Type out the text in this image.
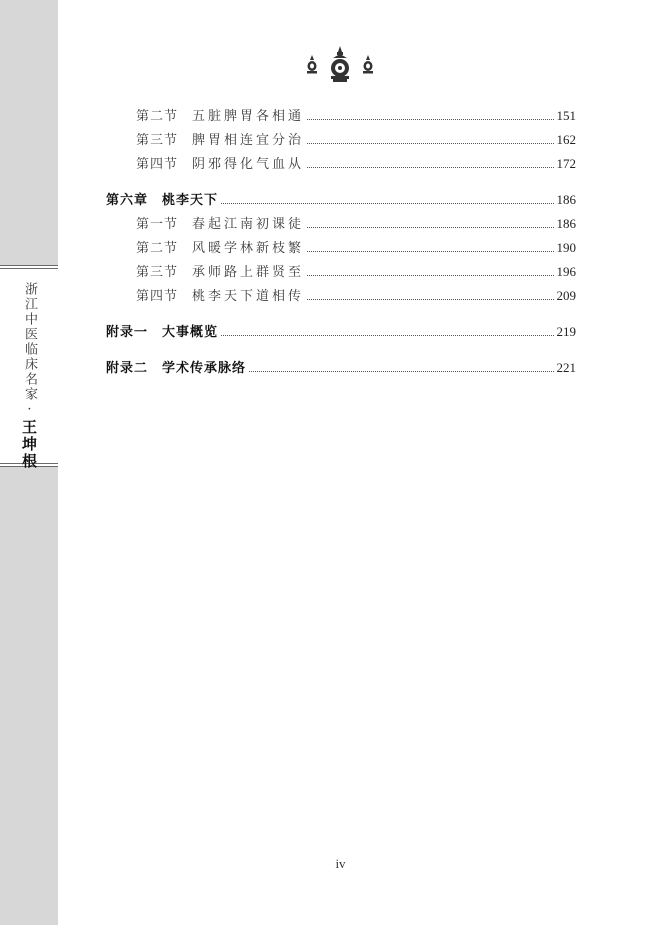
浙江中医临床名家·王坤根
第二节	五脏脾胃各相通	151
第三节	脾胃相连宜分治	162
第四节	阴邪得化气血从	172
第六章	桃李天下	186
第一节	春起江南初课徒	186
第二节	风暖学林新枝繁	190
第三节	承师路上群贤至	196
第四节	桃李天下道相传	209
附录一	大事概览	219
附录二	学术传承脉络	221
iv
